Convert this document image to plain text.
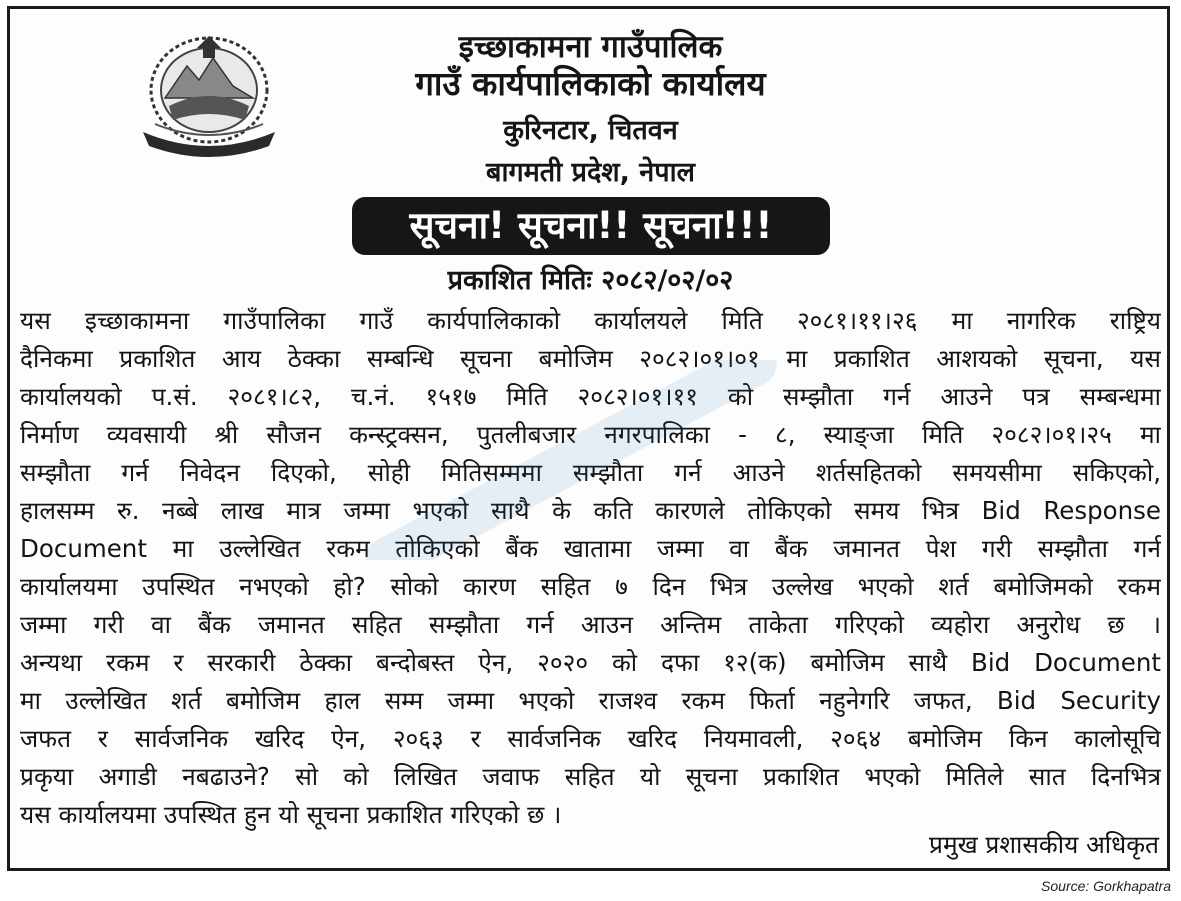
इच्छाकामना गाउँपालिक
गाउँ कार्यपालिकाको कार्यालय
कुरिनटार, चितवन
बागमती प्रदेश, नेपाल
सूचना! सूचना!! सूचना!!!
प्रकाशित मितिः २०८२/०२/०२
यस इच्छाकामना गाउँपालिका गाउँ कार्यपालिकाको कार्यालयले मिति २०८१।११।२६ मा नागरिक राष्ट्रिय
दैनिकमा प्रकाशित आय ठेक्का सम्बन्धि सूचना बमोजिम २०८२।०१।०१ मा प्रकाशित आशयको सूचना, यस
कार्यालयको प.सं. २०८१।८२, च.नं. १५१७ मिति २०८२।०१।११ को सम्झौता गर्न आउने पत्र सम्बन्धमा
निर्माण व्यवसायी श्री सौजन कन्स्ट्रक्सन, पुतलीबजार नगरपालिका - ८, स्याङ्जा मिति २०८२।०१।२५ मा
सम्झौता गर्न निवेदन दिएको, सोही मितिसम्ममा सम्झौता गर्न आउने शर्तसहितको समयसीमा सकिएको,
हालसम्म रु. नब्बे लाख मात्र जम्मा भएको साथै के कति कारणले तोकिएको समय भित्र Bid Response
Document मा उल्लेखित रकम तोकिएको बैंक खातामा जम्मा वा बैंक जमानत पेश गरी सम्झौता गर्न
कार्यालयमा उपस्थित नभएको हो? सोको कारण सहित ७ दिन भित्र उल्लेख भएको शर्त बमोजिमको रकम
जम्मा गरी वा बैंक जमानत सहित सम्झौता गर्न आउन अन्तिम ताकेता गरिएको व्यहोरा अनुरोध छ ।
अन्यथा रकम र सरकारी ठेक्का बन्दोबस्त ऐन, २०२० को दफा १२(क) बमोजिम साथै Bid Document
मा उल्लेखित शर्त बमोजिम हाल सम्म जम्मा भएको राजश्व रकम फिर्ता नहुनेगरि जफत, Bid Security
जफत र सार्वजनिक खरिद ऐन, २०६३ र सार्वजनिक खरिद नियमावली, २०६४ बमोजिम किन कालोसूचि
प्रकृया अगाडी नबढाउने? सो को लिखित जवाफ सहित यो सूचना प्रकाशित भएको मितिले सात दिनभित्र
यस कार्यालयमा उपस्थित हुन यो सूचना प्रकाशित गरिएको छ ।
प्रमुख प्रशासकीय अधिकृत
Source: Gorkhapatra
